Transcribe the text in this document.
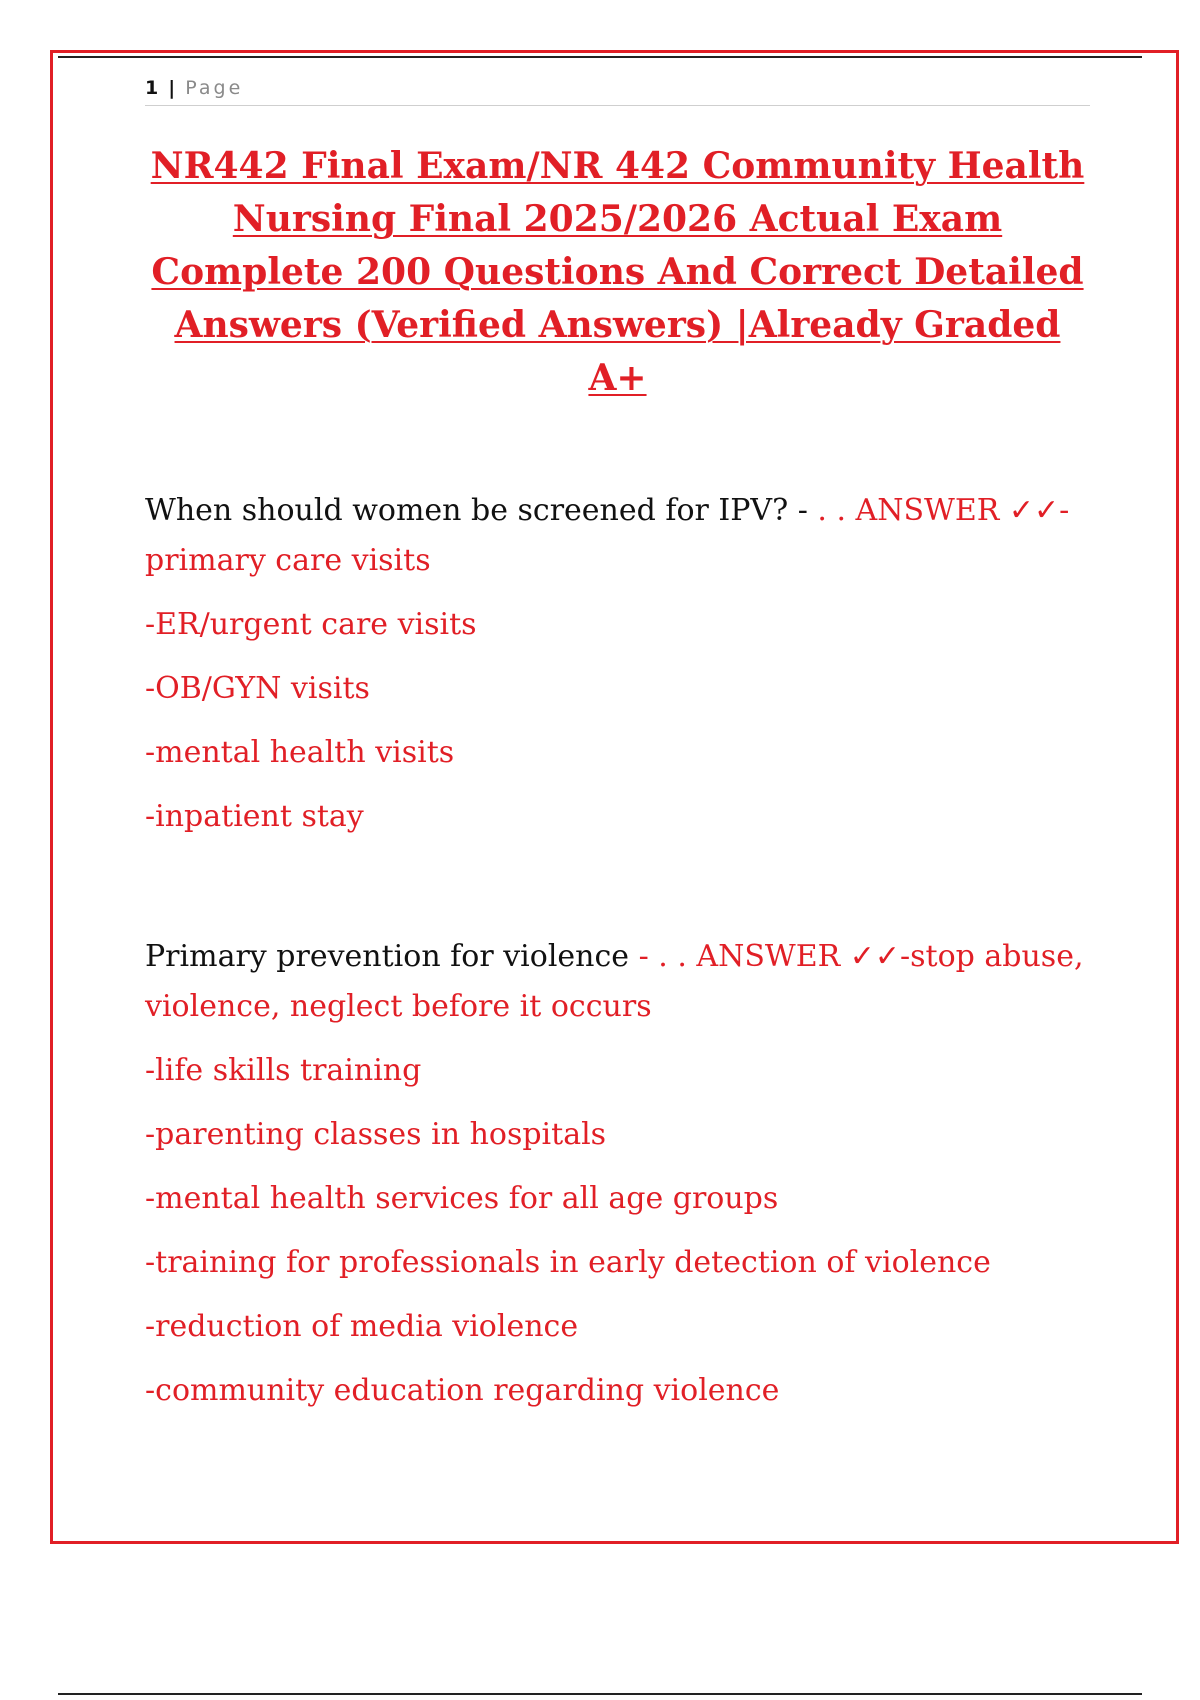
1 | Page
NR442 Final Exam/NR 442 Community Health Nursing Final 2025/2026 Actual Exam Complete 200 Questions And Correct Detailed Answers (Verified Answers) |Already Graded A+

When should women be screened for IPV? - . . ANSWER ✓✓-primary care visits

-ER/urgent care visits

-OB/GYN visits

-mental health visits

-inpatient stay

Primary prevention for violence - . . ANSWER ✓✓-stop abuse, violence, neglect before it occurs

-life skills training

-parenting classes in hospitals

-mental health services for all age groups

-training for professionals in early detection of violence

-reduction of media violence

-community education regarding violence
